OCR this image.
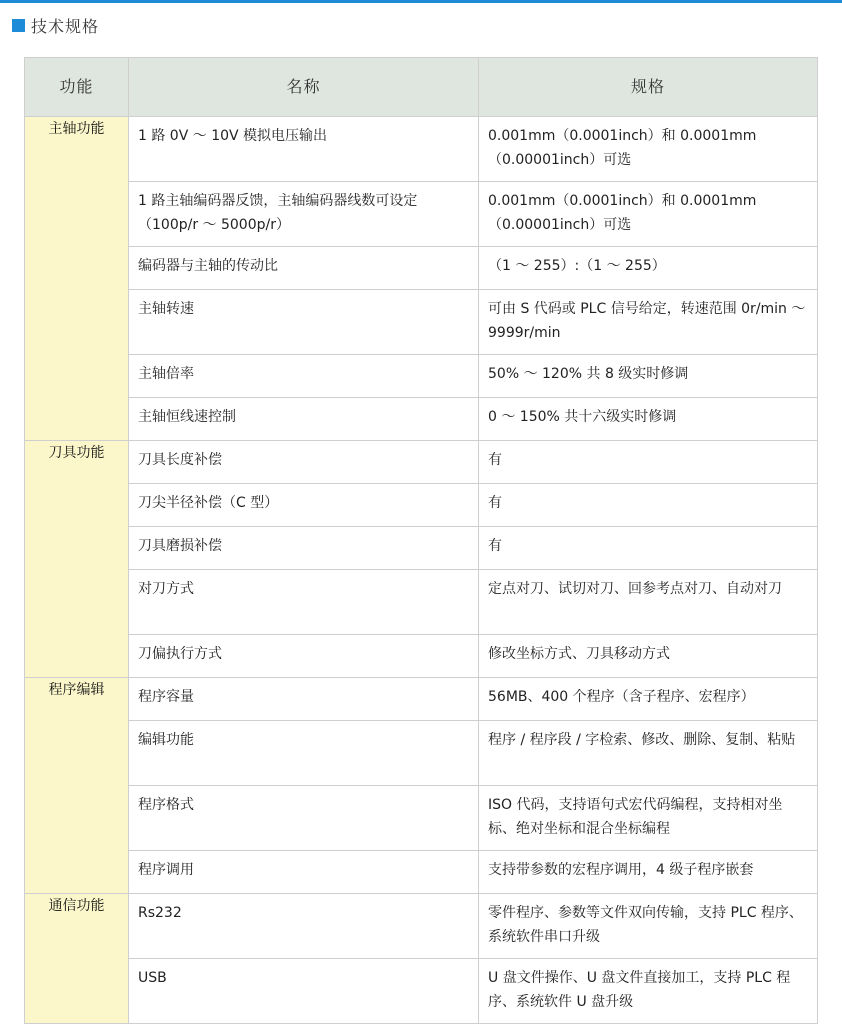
技术规格
功能	名称	规格
主轴功能	1 路 0V ～ 10V 模拟电压输出	0.001mm（0.0001inch）和 0.0001mm（0.00001inch）可选
	1 路主轴编码器反馈，主轴编码器线数可设定（100p/r ～ 5000p/r）	0.001mm（0.0001inch）和 0.0001mm（0.00001inch）可选
	编码器与主轴的传动比	（1 ～ 255）:（1 ～ 255）
	主轴转速	可由 S 代码或 PLC 信号给定，转速范围 0r/min ～ 9999r/min
	主轴倍率	50% ～ 120% 共 8 级实时修调
	主轴恒线速控制	0 ～ 150% 共十六级实时修调
刀具功能	刀具长度补偿	有
	刀尖半径补偿（C 型）	有
	刀具磨损补偿	有
	对刀方式	定点对刀、试切对刀、回参考点对刀、自动对刀
	刀偏执行方式	修改坐标方式、刀具移动方式
程序编辑	程序容量	56MB、400 个程序（含子程序、宏程序）
	编辑功能	程序 / 程序段 / 字检索、修改、删除、复制、粘贴
	程序格式	ISO 代码，支持语句式宏代码编程，支持相对坐标、绝对坐标和混合坐标编程
	程序调用	支持带参数的宏程序调用，4 级子程序嵌套
通信功能	Rs232	零件程序、参数等文件双向传输，支持 PLC 程序、系统软件串口升级
	USB	U 盘文件操作、U 盘文件直接加工，支持 PLC 程序、系统软件 U 盘升级
